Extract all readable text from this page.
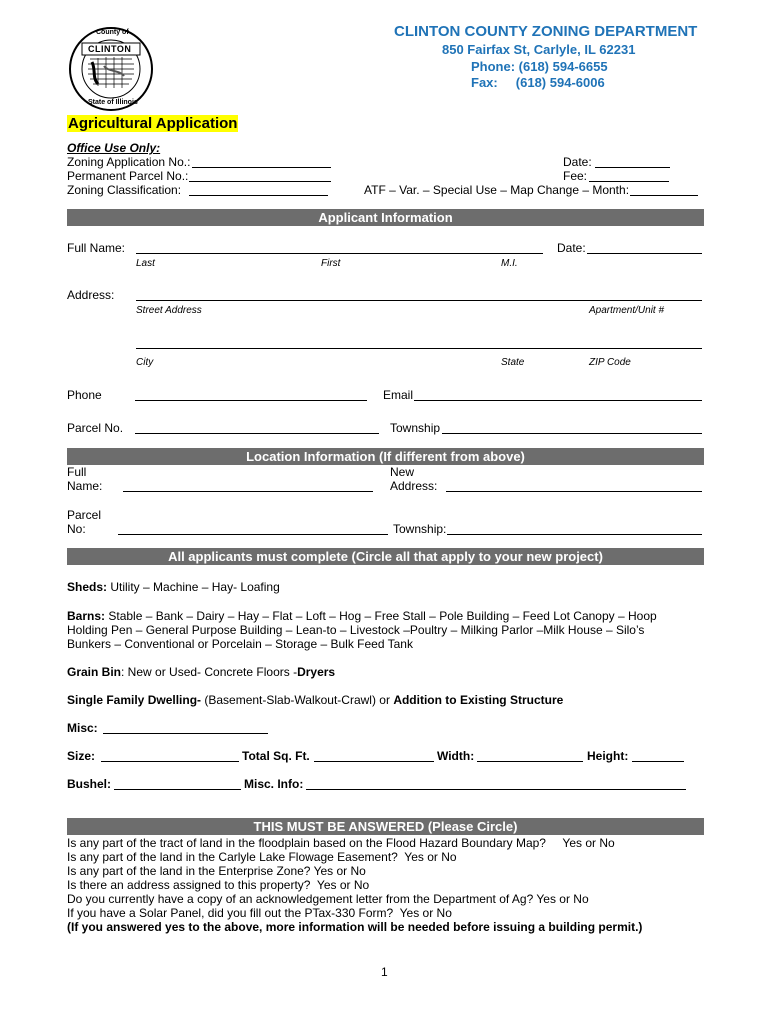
County of
CLINTON
State of Illinois
CLINTON COUNTY ZONING DEPARTMENT
850 Fairfax St, Carlyle, IL 62231
Phone: (618) 594-6655
Fax:     (618) 594-6006
Agricultural Application
Office Use Only:
Zoning Application No.:
Permanent Parcel No.:
Zoning Classification:
Date:
Fee:
ATF – Var. – Special Use – Map Change – Month:
Applicant Information
Full Name:	Date:
Last	First	M.I.
Address:
Street Address	Apartment/Unit #
City	State	ZIP Code
Phone	Email
Parcel No.	Township
Location Information (If different from above)
Full
Name:
New
Address:
Parcel
No:	Township:
All applicants must complete (Circle all that apply to your new project)
Sheds: Utility – Machine – Hay- Loafing
Barns: Stable – Bank – Dairy – Hay – Flat – Loft – Hog – Free Stall – Pole Building – Feed Lot Canopy – Hoop
Holding Pen – General Purpose Building – Lean-to – Livestock –Poultry – Milking Parlor –Milk House – Silo’s
Bunkers – Conventional or Porcelain – Storage – Bulk Feed Tank
Grain Bin: New or Used- Concrete Floors -Dryers
Single Family Dwelling- (Basement-Slab-Walkout-Crawl) or Addition to Existing Structure
Misc:
Size:	Total Sq. Ft.	Width:	Height:
Bushel:	Misc. Info:
THIS MUST BE ANSWERED (Please Circle)
Is any part of the tract of land in the floodplain based on the Flood Hazard Boundary Map?     Yes or No
Is any part of the land in the Carlyle Lake Flowage Easement?  Yes or No
Is any part of the land in the Enterprise Zone? Yes or No
Is there an address assigned to this property?  Yes or No
Do you currently have a copy of an acknowledgement letter from the Department of Ag? Yes or No
If you have a Solar Panel, did you fill out the PTax-330 Form?  Yes or No
(If you answered yes to the above, more information will be needed before issuing a building permit.)
1
